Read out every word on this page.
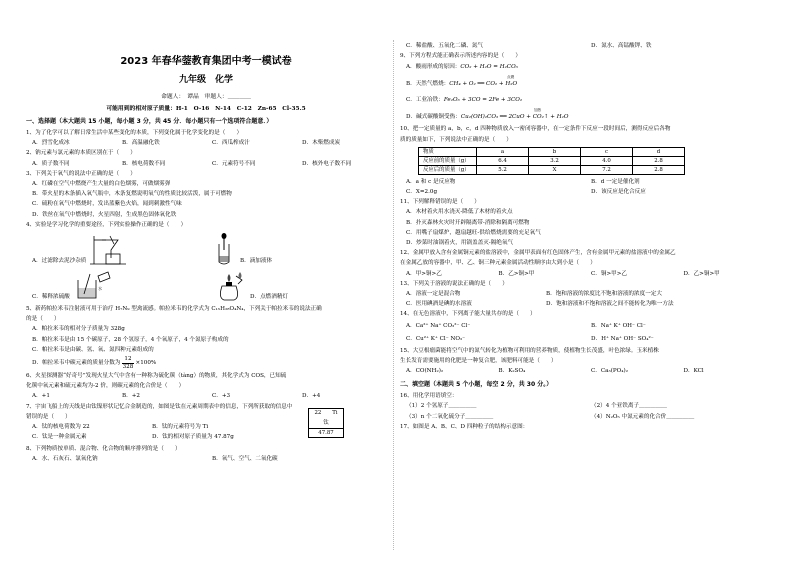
2023 年春华蓥教育集团中考一模试卷
九年级　化学
命题人：　谭晶　审题人：＿＿＿＿
可能用到的相对原子质量：H-1　O-16　N-14　C-12　Zn-65　Cl-35.5
一、选择题（本大题共 15 小题，每小题 3 分，共 45 分．每小题只有一个选项符合题意．）
1、为了化学可以了解日常生活中某些变化的本质，下列变化属于化学变化的是（　　）
A．烈雪化成冰	B．高温融化铁	C．西瓜榨成汁	D．木柴燃成炭
2、钠元素与氯元素的本质区别在于（　　）
A．质子数不同	B．核电荷数不同	C．元素符号不同	D．核外电子数不同
3、下列关于氧气的说法中正确的是（　　）
A．红磷在空气中燃烧产生大量的白色烟雾，可做烟雾弹
B．带火星的木条插入氧气瓶中，木条复燃说明氧气的性质比较活泼，属于可燃物
C．硫粉在氧气中燃烧时，发出蓝紫色火焰，闻到刺激性气味
D．铁丝在氧气中燃烧时，火星四射，生成黑色固体氧化铁
4、实验是学习化学的重要途径，下列实验操作正确的是（　　）
A．过滤除去泥沙杂质	B．滴加液体
C．稀释浓硫酸
水
D．点燃酒精灯
5、新药帕拉米韦注射液可用于治疗 H₇N₉ 型禽流感。帕拉米韦的化学式为 C₁₅H₂₈O₄N₄，下列关于帕拉米韦的说法正确
的是（　　）
A．帕拉米韦的相对分子质量为 328g
B．帕拉米韦是由 15 个碳原子，28 个氢原子，4 个氧原子，4 个氮原子构成的
C．帕拉米韦是由碳、氢、氧、氮四种元素组成的
D．帕拉米韦中碳元素的质量分数为 $\frac{12}{328} \times 100\%$
6、火星探测器“好奇号”发现火星大气中含有一种称为硫化羰（tàng）的物质，其化学式为 COS，已知硫
化羰中氧元素和硫元素均为-2 价，则碳元素的化合价是（　　）
A．+1	B．+2	C．+3	D．+4
7、宇宙飞船上的天线是由钛镍形状记忆合金制造的，如图是钛在元素周期表中的信息，下列所获取的信息中
错误的是（　　）
A．钛的核电荷数为 22	B．钛的元素符号为 Ti
C．钛是一种金属元素	D．钛的相对原子质量为 47.87g
22 Ti
钛
47.87
8、下列物质按单质、混合物、化合物的顺序排列的是（　　）
A．水、石灰石、氯氧化钠	B．氧气、空气、二氧化碳
C．稀盐酸、五氧化二磷、氮气	D．氮水、高锰酸钾、铁
9、下列方程式能正确表示所述内容的是（　　）
A．酸雨形成的原因：CO₂ + H₂O = H₂CO₃
B．天然气燃烧：CH₄ + O₂ ══ CO₂ + H₂O
点燃
C．工业冶铁：Fe₂O₃ + 3CO = 2Fe + 3CO₂
D．碱式碳酸铜受热：Cu₂(OH)₂CO₃ ══ 2CuO + CO₂↑ + H₂O
加热
10、把一定质量的 a，b，c，d 四种物质放入一密闭容器中，在一定条件下反应一段时间后，测得反应后各物
质的质量如下，下列说法中正确的是（　　）
物质	a	b	c	d
反应前的质量（g）	6.4	3.2	4.0	2.8
反应后的质量（g）	5.2	X	7.2	2.8
A．a 和 c 是反应物	B．d 一定是催化剂
C．X=2.0g	D．该反应是化合反应
11、下列解释错误的是（　　）
A．木材着火用水浇灭-降低了木材的着火点
B．扑灭森林火灾时开辟隔离带-消除和隔离可燃物
C．用嘴子扇煤炉，越扇越旺-供给燃烧需要的充足氧气
D．炒菜时油锅着火，用锅盖盖灭-隔绝氧气
12、金属甲放入含有金属铜元素的盐溶液中，金属甲表面有红色固体产生，含有金属甲元素的盐溶液中的金属乙
在金属乙放的容器中，甲、乙、铜三种元素金属活动性顺序由大到小是（　　）
A．甲>铜>乙	B．乙>铜>甲	C．铜>甲>乙	D．乙>铜>甲
13、下列关于溶液的说法正确的是（　　）
A．溶液一定是混合物	B．饱和溶液的浓度比不饱和溶液的浓度一定大
C．医用碘酒是碘的水溶液	D．饱和溶液和不饱和溶液之间不能转化为唯一方法
14、在无色溶液中，下列离子能大量共存的是（　　）
A．Ca²⁺ Na⁺ CO₃²⁻ Cl⁻	B．Na⁺ K⁺ OH⁻ Cl⁻
C．Cu²⁺ K⁺ Cl⁻ NO₃⁻	D．H⁺ Na⁺ OH⁻ SO₄²⁻
15、大豆根瘤菌能将空气中的氮气转化为植物可利用的营养物质，使植物生长茂盛，叶色浓绿。玉米植株
生长发育需要施用的化肥是一种复合肥，该肥料可能是（　　）
A．CO(NH₂)₂	B．K₂SO₄	C．Ca₃(PO₄)₂	D．KCl
二、填空题（本题共 5 个小题，每空 2 分，共 30 分。）
16、用化学用语填空：
（1）2 个氢原子＿＿＿＿＿	（2）4 个亚铁离子＿＿＿＿＿
（3）n 个二氧化硫分子＿＿＿＿＿	（4）N₂O₅ 中氮元素的化合价＿＿＿＿＿
17、如图是 A、B、C、D 四种粒子的结构示意图：
